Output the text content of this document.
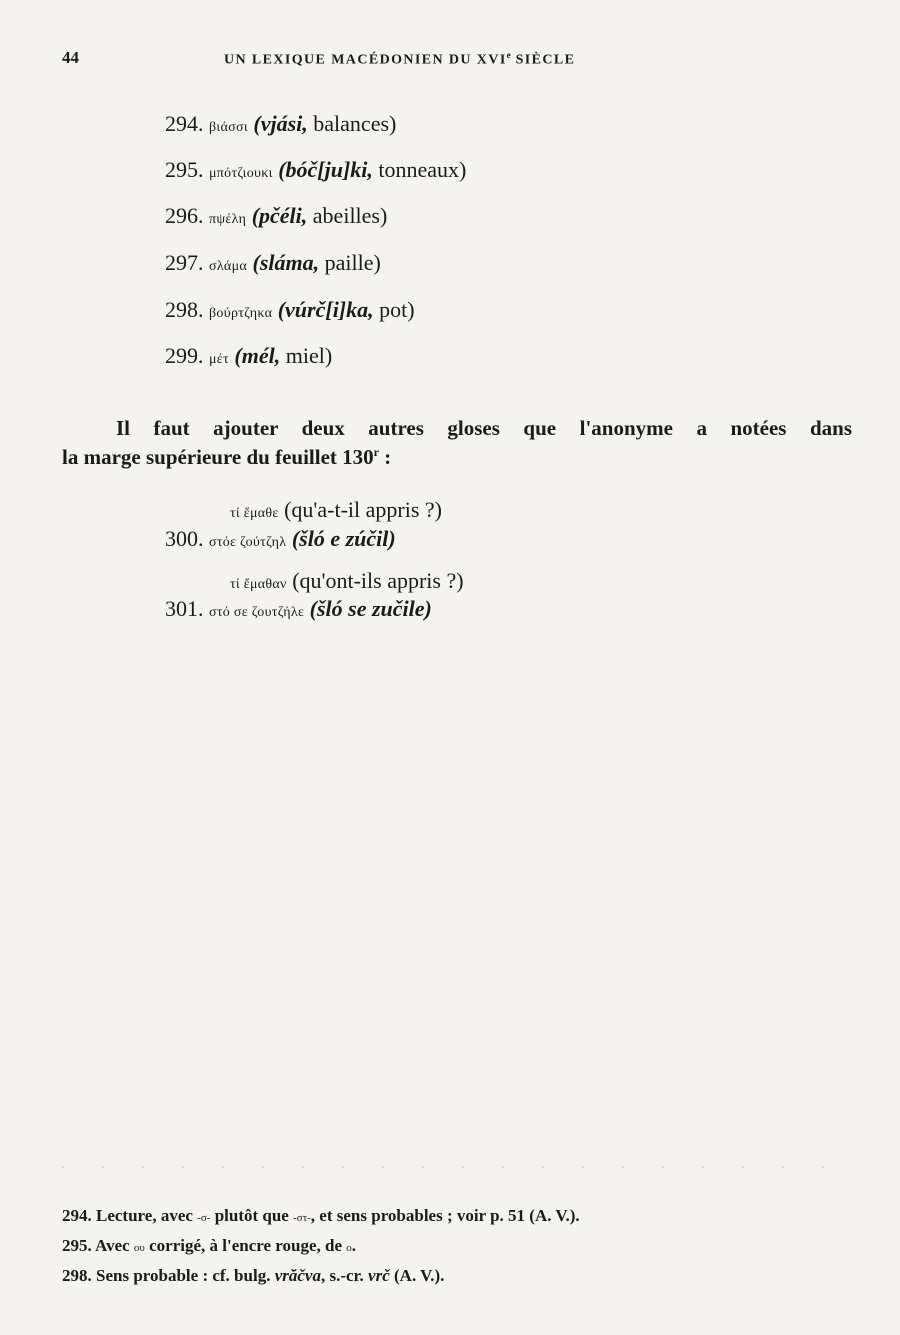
44	UN LEXIQUE MACÉDONIEN DU XVIe SIÈCLE
294. βιάσσι (vjási, balances)
295. μπότζιουκι (bóč[ju]ki, tonneaux)
296. πψέλη (pčéli, abeilles)
297. σλάμα (sláma, paille)
298. βούρτζηκα (vúrč[i]ka, pot)
299. μέτ (mél, miel)
Il faut ajouter deux autres gloses que l'anonyme a notées dans
la marge supérieure du feuillet 130$^r$ :
τί ἔμαθε (qu'a-t-il appris ?)
300. στόε ζούτζηλ (šló e zúčil)
τί ἔμαθαν (qu'ont-ils appris ?)
301. στό σε ζουτζήλε (šló se zučile)
294. Lecture, avec -σ- plutôt que -στ-, et sens probables ; voir p. 51 (A. V.).
295. Avec ου corrigé, à l'encre rouge, de ο.
298. Sens probable : cf. bulg. vrăčva, s.-cr. vrč (A. V.).
